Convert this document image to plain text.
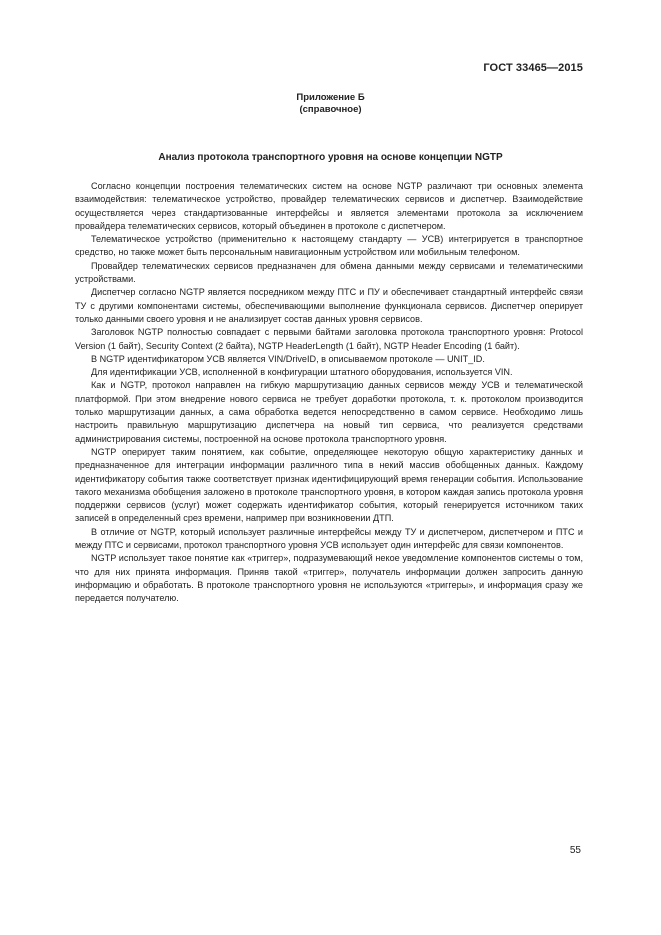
ГОСТ 33465—2015
Приложение Б
(справочное)
Анализ протокола транспортного уровня на основе концепции NGTP

Согласно концепции построения телематических систем на основе NGTP различают три основных элемента взаимодействия: телематическое устройство, провайдер телематических сервисов и диспетчер. Взаимодействие осуществляется через стандартизованные интерфейсы и является элементами протокола за исключением провайдера телематических сервисов, который объединен в протоколе с диспетчером.

Телематическое устройство (применительно к настоящему стандарту — УСВ) интегрируется в транспортное средство, но также может быть персональным навигационным устройством или мобильным телефоном.

Провайдер телематических сервисов предназначен для обмена данными между сервисами и телематическими устройствами.

Диспетчер согласно NGTP является посредником между ПТС и ПУ и обеспечивает стандартный интерфейс связи ТУ с другими компонентами системы, обеспечивающими выполнение функционала сервисов. Диспетчер оперирует только данными своего уровня и не анализирует состав данных уровня сервисов.

Заголовок NGTP полностью совпадает с первыми байтами заголовка протокола транспортного уровня: Protocol Version (1 байт), Security Context (2 байта), NGTP HeaderLength (1 байт), NGTP Header Encoding (1 байт).

В NGTP идентификатором УСВ является VIN/DriveID, в описываемом протоколе — UNIT_ID.

Для идентификации УСВ, исполненной в конфигурации штатного оборудования, используется VIN.

Как и NGTP, протокол направлен на гибкую маршрутизацию данных сервисов между УСВ и телематической платформой. При этом внедрение нового сервиса не требует доработки протокола, т. к. протоколом производится только маршрутизации данных, а сама обработка ведется непосредственно в самом сервисе. Необходимо лишь настроить правильную маршрутизацию диспетчера на новый тип сервиса, что реализуется средствами администрирования системы, построенной на основе протокола транспортного уровня.

NGTP оперирует таким понятием, как событие, определяющее некоторую общую характеристику данных и предназначенное для интеграции информации различного типа в некий массив обобщенных данных. Каждому идентификатору события также соответствует признак идентифицирующий время генерации события. Использование такого механизма обобщения заложено в протоколе транспортного уровня, в котором каждая запись протокола уровня поддержки сервисов (услуг) может содержать идентификатор события, который генерируется источником таких записей в определенный срез времени, например при возникновении ДТП.

В отличие от NGTP, который использует различные интерфейсы между ТУ и диспетчером, диспетчером и ПТС и между ПТС и сервисами, протокол транспортного уровня УСВ использует один интерфейс для связи компонентов.

NGTP использует такое понятие как «триггер», подразумевающий некое уведомление компонентов системы о том, что для них принята информация. Приняв такой «триггер», получатель информации должен запросить данную информацию и обработать. В протоколе транспортного уровня не используются «триггеры», и информация сразу же передается получателю.

55
